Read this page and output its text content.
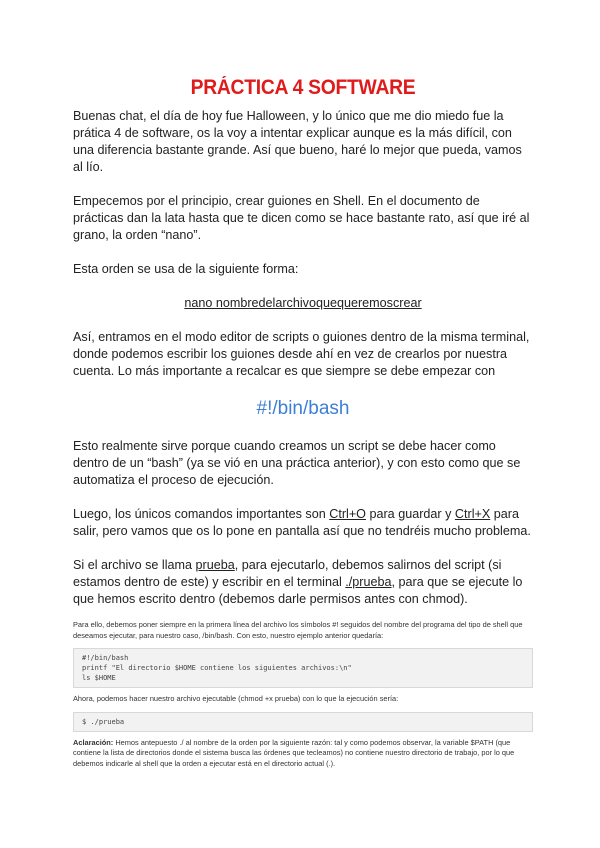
PRÁCTICA 4 SOFTWARE

Buenas chat, el día de hoy fue Halloween, y lo único que me dio miedo fue la prática 4 de software, os la voy a intentar explicar aunque es la más difícil, con una diferencia bastante grande. Así que bueno, haré lo mejor que pueda, vamos al lío.

Empecemos por el principio, crear guiones en Shell. En el documento de prácticas dan la lata hasta que te dicen como se hace bastante rato, así que iré al grano, la orden “nano”.

Esta orden se usa de la siguiente forma:

nano nombredelarchivoquequeremoscrear

Así, entramos en el modo editor de scripts o guiones dentro de la misma terminal, donde podemos escribir los guiones desde ahí en vez de crearlos por nuestra cuenta. Lo más importante a recalcar es que siempre se debe empezar con

#!/bin/bash

Esto realmente sirve porque cuando creamos un script se debe hacer como dentro de un “bash” (ya se vió en una práctica anterior), y con esto como que se automatiza el proceso de ejecución.

Luego, los únicos comandos importantes son Ctrl+O para guardar y Ctrl+X para salir, pero vamos que os lo pone en pantalla así que no tendréis mucho problema.

Si el archivo se llama prueba, para ejecutarlo, debemos salirnos del script (si estamos dentro de este) y escribir en el terminal ./prueba, para que se ejecute lo que hemos escrito dentro (debemos darle permisos antes con chmod).

Para ello, debemos poner siempre en la primera línea del archivo los símbolos #! seguidos del nombre del programa del tipo de shell que deseamos ejecutar, para nuestro caso, /bin/bash. Con esto, nuestro ejemplo anterior quedaría:

#!/bin/bash
printf "El directorio $HOME contiene los siguientes archivos:\n"
ls $HOME

Ahora, podemos hacer nuestro archivo ejecutable (chmod +x prueba) con lo que la ejecución sería:

$ ./prueba

Aclaración: Hemos antepuesto ./ al nombre de la orden por la siguiente razón: tal y como podemos observar, la variable $PATH (que contiene la lista de directorios donde el sistema busca las órdenes que tecleamos) no contiene nuestro directorio de trabajo, por lo que debemos indicarle al shell que la orden a ejecutar está en el directorio actual (.).
